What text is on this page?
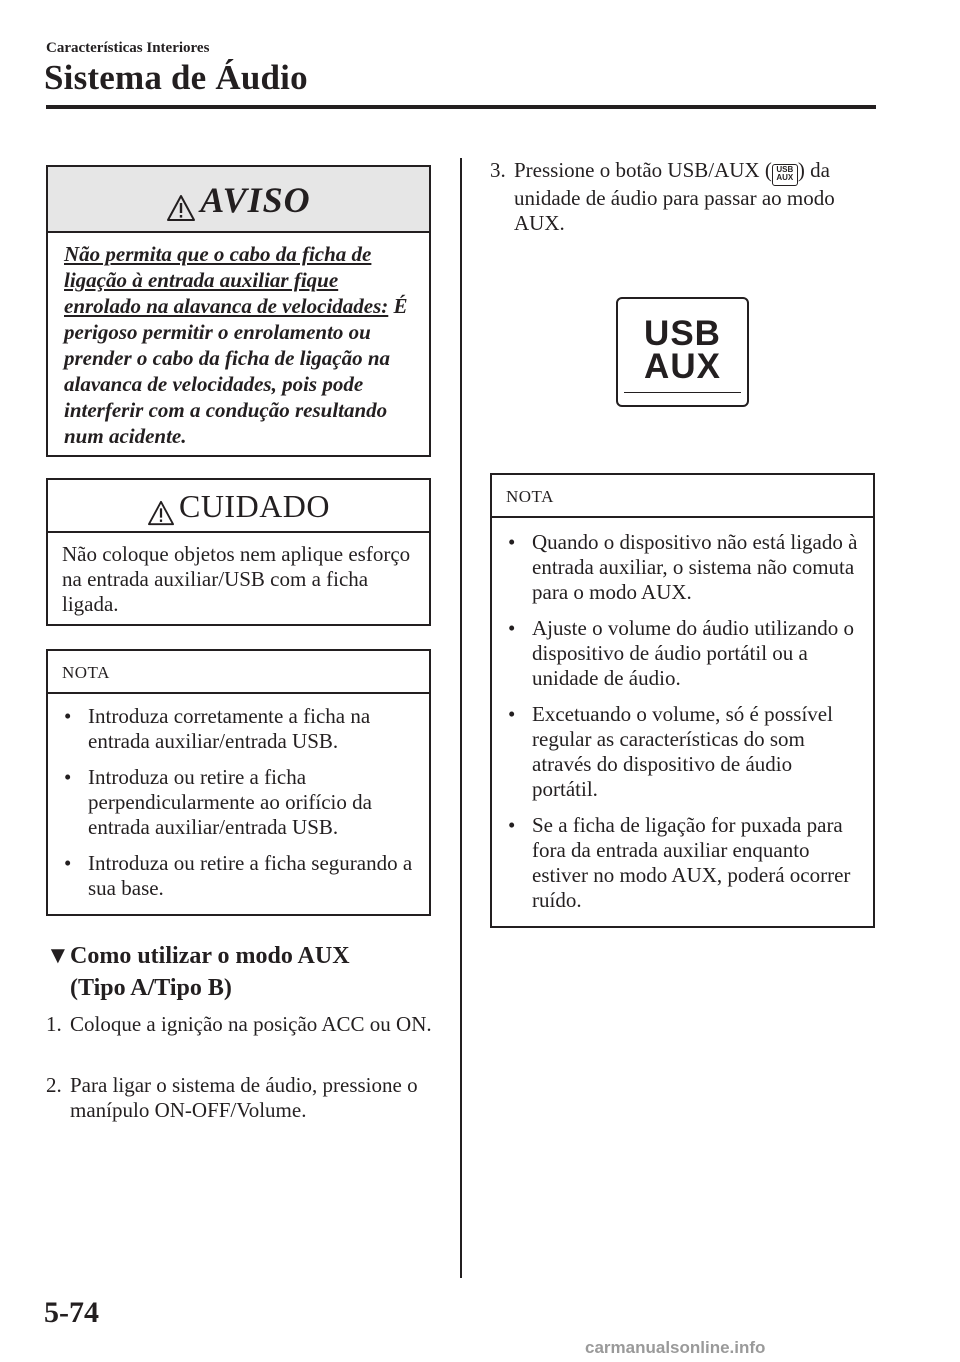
Características Interiores
Sistema de Áudio
AVISO
Não permita que o cabo da ficha de ligação à entrada auxiliar fique enrolado na alavanca de velocidades: É perigoso permitir o enrolamento ou prender o cabo da ficha de ligação na alavanca de velocidades, pois pode interferir com a condução resultando num acidente.
CUIDADO
Não coloque objetos nem aplique esforço na entrada auxiliar/USB com a ficha ligada.
NOTA
• Introduza corretamente a ficha na entrada auxiliar/entrada USB.
• Introduza ou retire a ficha perpendicularmente ao orifício da entrada auxiliar/entrada USB.
• Introduza ou retire a ficha segurando a sua base.
▼Como utilizar o modo AUX
(Tipo A/Tipo B)
1. Coloque a ignição na posição ACC ou ON.
2. Para ligar o sistema de áudio, pressione o manípulo ON-OFF/Volume.
3. Pressione o botão USB/AUX ( USB
AUX ) da unidade de áudio para passar ao modo AUX.
USB
AUX
NOTA
• Quando o dispositivo não está ligado à entrada auxiliar, o sistema não comuta para o modo AUX.
• Ajuste o volume do áudio utilizando o dispositivo de áudio portátil ou a unidade de áudio.
• Excetuando o volume, só é possível regular as características do som através do dispositivo de áudio portátil.
• Se a ficha de ligação for puxada para fora da entrada auxiliar enquanto estiver no modo AUX, poderá ocorrer ruído.
5-74
carmanualsonline.info
